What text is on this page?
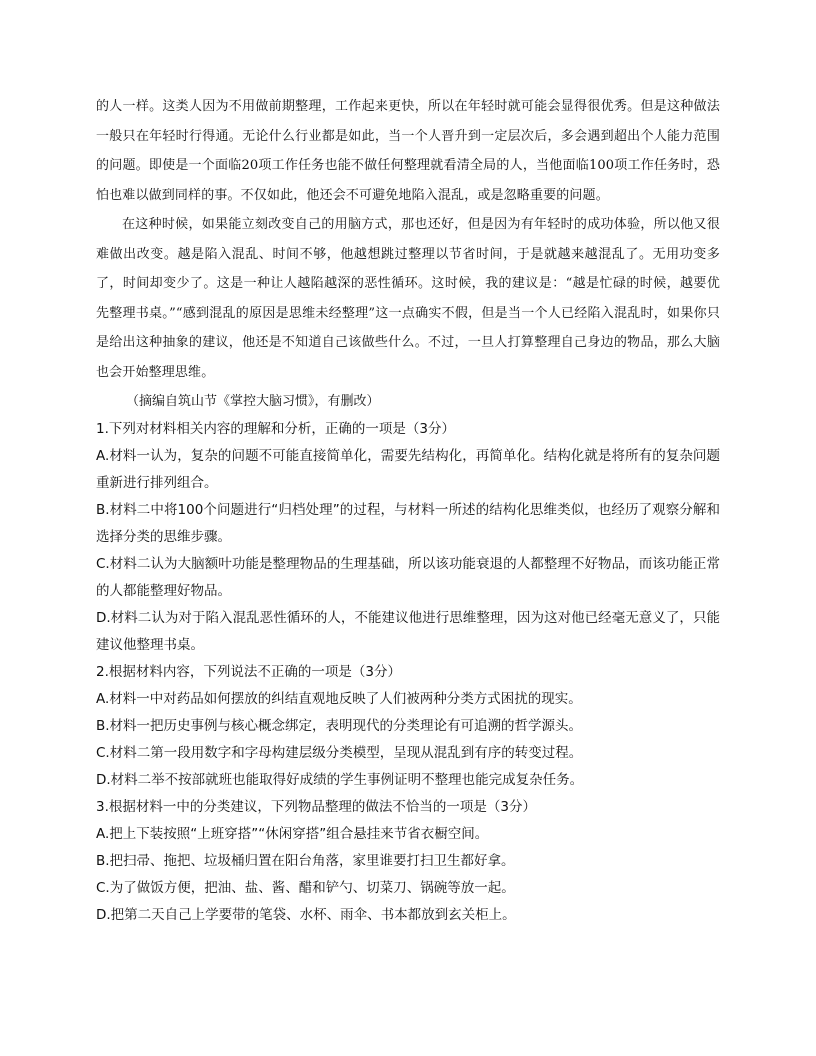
的人一样。这类人因为不用做前期整理，工作起来更快，所以在年轻时就可能会显得很优秀。但是这种做法一般只在年轻时行得通。无论什么行业都是如此，当一个人晋升到一定层次后，多会遇到超出个人能力范围的问题。即使是一个面临20项工作任务也能不做任何整理就看清全局的人，当他面临100项工作任务时，恐怕也难以做到同样的事。不仅如此，他还会不可避免地陷入混乱，或是忽略重要的问题。

在这种时候，如果能立刻改变自己的用脑方式，那也还好，但是因为有年轻时的成功体验，所以他又很难做出改变。越是陷入混乱、时间不够，他越想跳过整理以节省时间，于是就越来越混乱了。无用功变多了，时间却变少了。这是一种让人越陷越深的恶性循环。这时候，我的建议是：“越是忙碌的时候，越要优先整理书桌。”“感到混乱的原因是思维未经整理”这一点确实不假，但是当一个人已经陷入混乱时，如果你只是给出这种抽象的建议，他还是不知道自己该做些什么。不过，一旦人打算整理自己身边的物品，那么大脑也会开始整理思维。

（摘编自筑山节《掌控大脑习惯》，有删改）

1.下列对材料相关内容的理解和分析，正确的一项是（3分）

A.材料一认为，复杂的问题不可能直接简单化，需要先结构化，再简单化。结构化就是将所有的复杂问题重新进行排列组合。

B.材料二中将100个问题进行“归档处理”的过程，与材料一所述的结构化思维类似，也经历了观察分解和选择分类的思维步骤。

C.材料二认为大脑额叶功能是整理物品的生理基础，所以该功能衰退的人都整理不好物品，而该功能正常的人都能整理好物品。

D.材料二认为对于陷入混乱恶性循环的人，不能建议他进行思维整理，因为这对他已经毫无意义了，只能建议他整理书桌。

2.根据材料内容，下列说法不正确的一项是（3分）

A.材料一中对药品如何摆放的纠结直观地反映了人们被两种分类方式困扰的现实。

B.材料一把历史事例与核心概念绑定，表明现代的分类理论有可追溯的哲学源头。

C.材料二第一段用数字和字母构建层级分类模型，呈现从混乱到有序的转变过程。

D.材料二举不按部就班也能取得好成绩的学生事例证明不整理也能完成复杂任务。

3.根据材料一中的分类建议，下列物品整理的做法不恰当的一项是（3分）

A.把上下装按照“上班穿搭”“休闲穿搭”组合悬挂来节省衣橱空间。

B.把扫帚、拖把、垃圾桶归置在阳台角落，家里谁要打扫卫生都好拿。

C.为了做饭方便，把油、盐、酱、醋和铲勺、切菜刀、锅碗等放一起。

D.把第二天自己上学要带的笔袋、水杯、雨伞、书本都放到玄关柜上。
